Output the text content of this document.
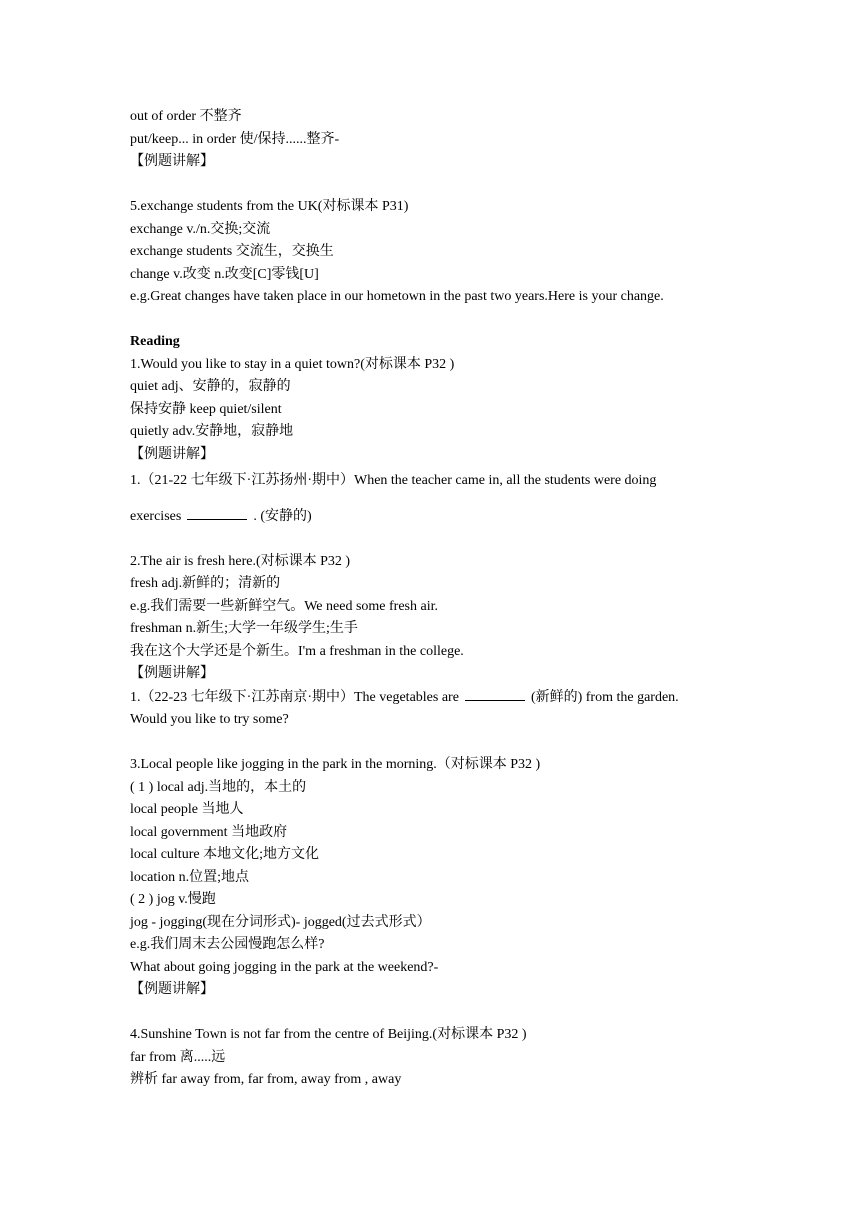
out of order 不整齐
put/keep... in order 使/保持......整齐-
【例题讲解】
5.exchange students from the UK(对标课本 P31)
exchange v./n.交换;交流
exchange students 交流生，交换生
change v.改变 n.改变[C]零钱[U]
e.g.Great changes have taken place in our hometown in the past two years.Here is your change.
Reading
1.Would you like to stay in a quiet town?(对标课本 P32 )
quiet adj、安静的，寂静的
保持安静 keep quiet/silent
quietly adv.安静地，寂静地
【例题讲解】
1.（21-22 七年级下·江苏扬州·期中）When the teacher came in, all the students were doing
exercises	. (安静的)
2.The air is fresh here.(对标课本 P32 )
fresh adj.新鲜的；清新的
e.g.我们需要一些新鲜空气。We need some fresh air.
freshman n.新生;大学一年级学生;生手
我在这个大学还是个新生。I'm a freshman in the college.
【例题讲解】
1.（22-23 七年级下·江苏南京·期中）The vegetables are	(新鲜的) from the garden.
Would you like to try some?
3.Local people like jogging in the park in the morning.（对标课本 P32 )
( 1 ) local adj.当地的，本土的
local people 当地人
local government 当地政府
local culture 本地文化;地方文化
location n.位置;地点
( 2 ) jog v.慢跑
jog - jogging(现在分词形式)- jogged(过去式形式）
e.g.我们周末去公园慢跑怎么样?
What about going jogging in the park at the weekend?-
【例题讲解】
4.Sunshine Town is not far from the centre of Beijing.(对标课本 P32 )
far from 离.....远
辨析 far away from, far from, away from , away
